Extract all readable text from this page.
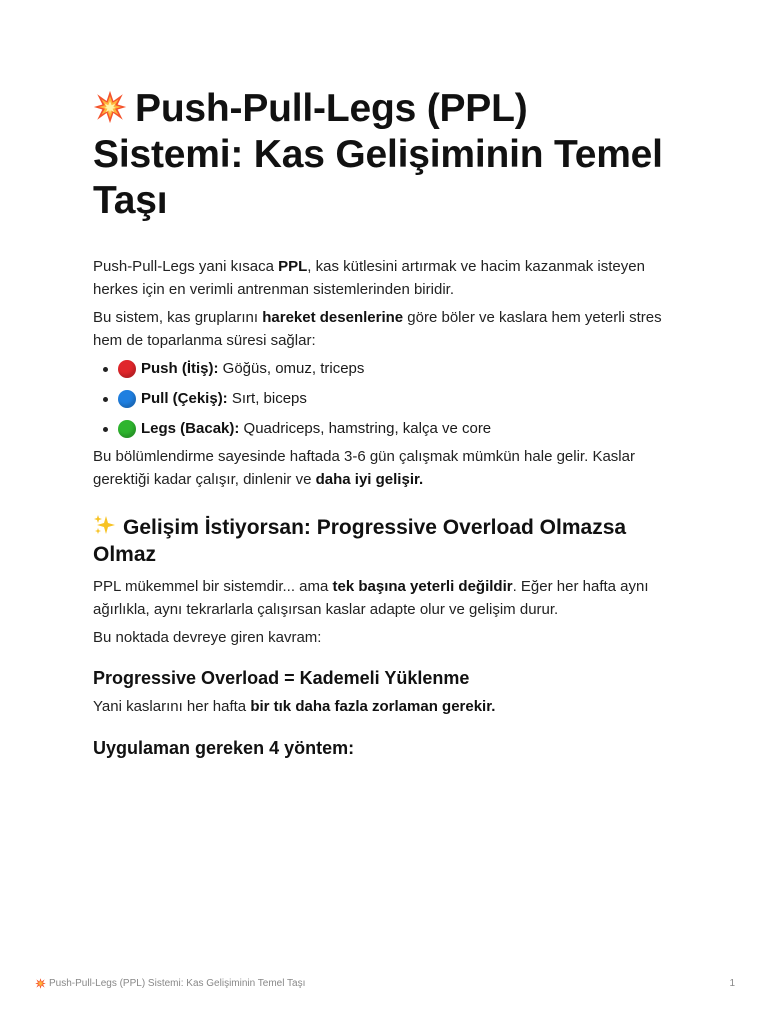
Push-Pull-Legs (PPL) Sistemi: Kas Gelişiminin Temel Taşı

Push-Pull-Legs yani kısaca PPL, kas kütlesini artırmak ve hacim kazanmak isteyen herkes için en verimli antrenman sistemlerinden biridir.

Bu sistem, kas gruplarını hareket desenlerine göre böler ve kaslara hem yeterli stres hem de toparlanma süresi sağlar:

Push (İtiş): Göğüs, omuz, triceps
Pull (Çekiş): Sırt, biceps
Legs (Bacak): Quadriceps, hamstring, kalça ve core

Bu bölümlendirme sayesinde haftada 3-6 gün çalışmak mümkün hale gelir. Kaslar gerektiği kadar çalışır, dinlenir ve daha iyi gelişir.

Gelişim İstiyorsan: Progressive Overload Olmazsa Olmaz

PPL mükemmel bir sistemdir... ama tek başına yeterli değildir. Eğer her hafta aynı ağırlıkla, aynı tekrarlarla çalışırsan kaslar adapte olur ve gelişim durur.

Bu noktada devreye giren kavram:

Progressive Overload = Kademeli Yüklenme

Yani kaslarını her hafta bir tık daha fazla zorlaman gerekir.

Uygulaman gereken 4 yöntem:
Push-Pull-Legs (PPL) Sistemi: Kas Gelişiminin Temel Taşı	1
